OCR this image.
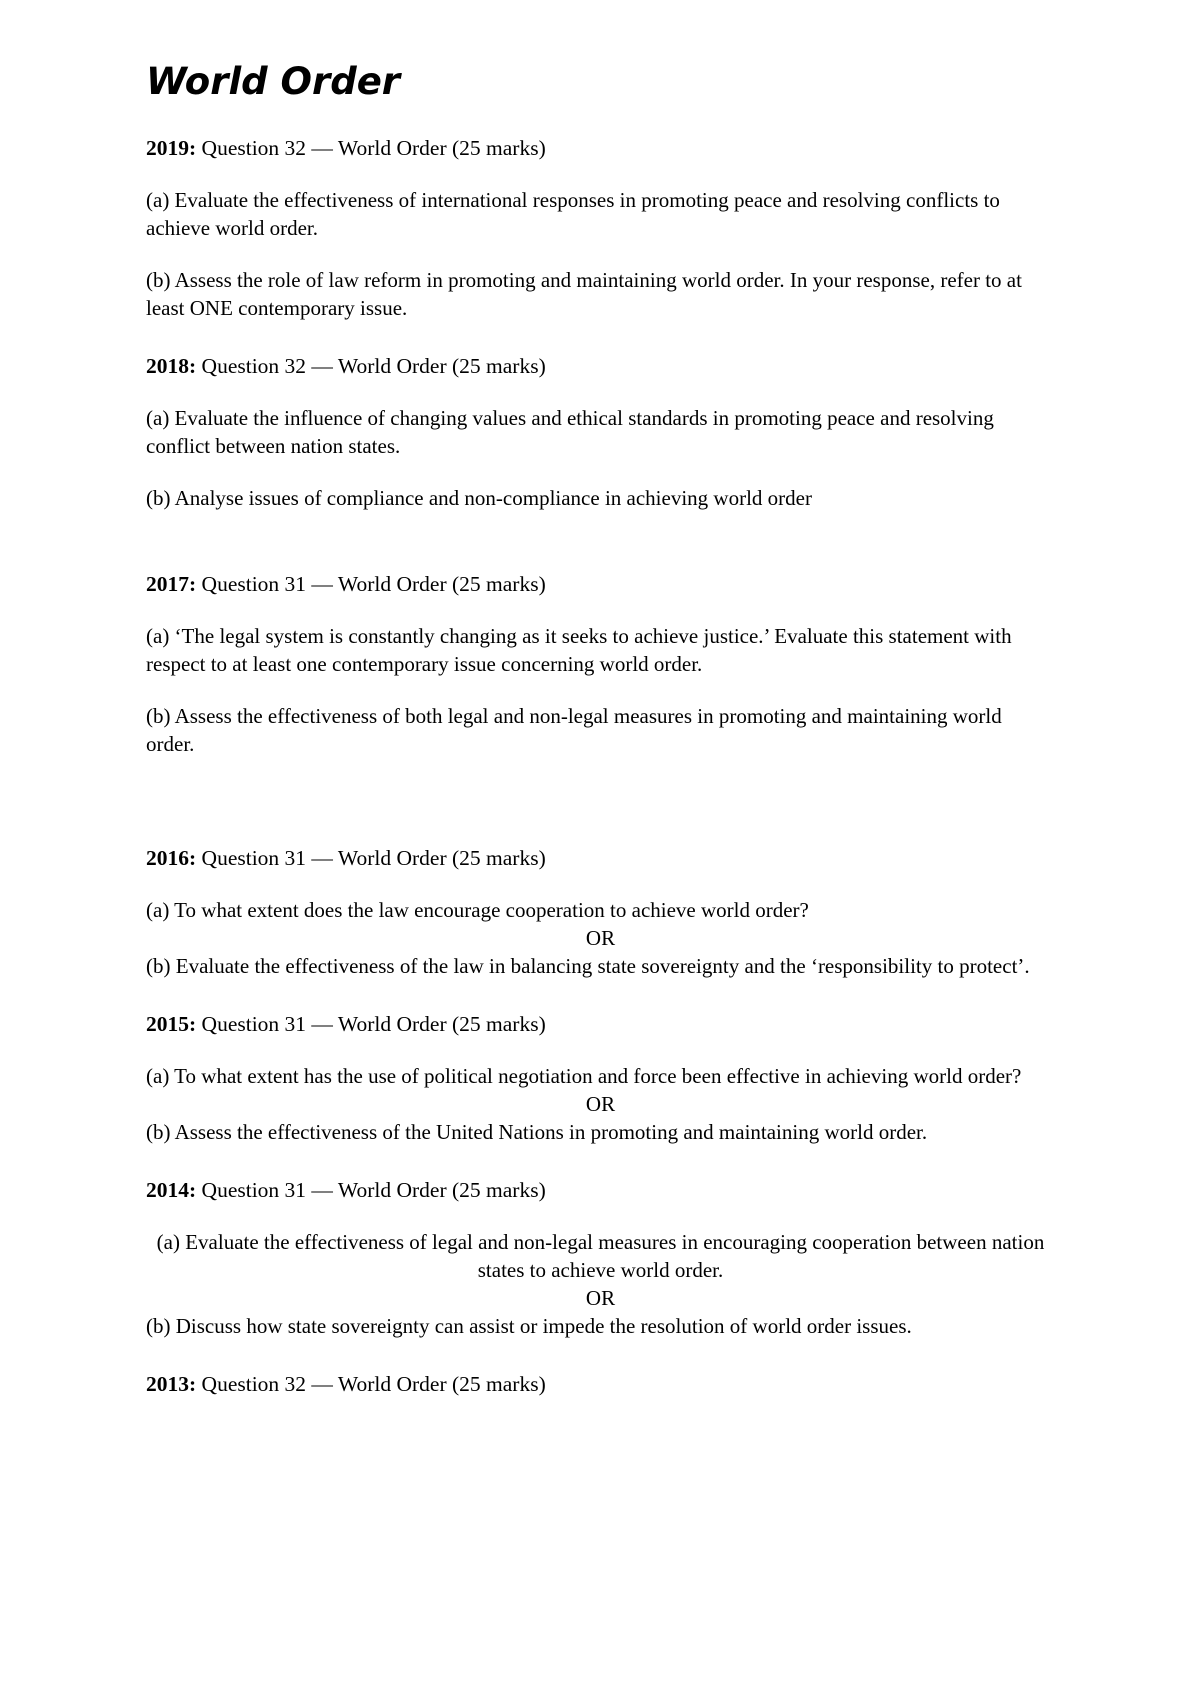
World Order

2019: Question 32 — World Order (25 marks)

(a) Evaluate the effectiveness of international responses in promoting peace and resolving conflicts to achieve world order.

(b) Assess the role of law reform in promoting and maintaining world order. In your response, refer to at least ONE contemporary issue.

2018: Question 32 — World Order (25 marks)

(a) Evaluate the influence of changing values and ethical standards in promoting peace and resolving conflict between nation states.

(b) Analyse issues of compliance and non-compliance in achieving world order

2017: Question 31 — World Order (25 marks)

(a) ‘The legal system is constantly changing as it seeks to achieve justice.’ Evaluate this statement with respect to at least one contemporary issue concerning world order.

(b) Assess the effectiveness of both legal and non-legal measures in promoting and maintaining world order.

2016: Question 31 — World Order (25 marks)

(a) To what extent does the law encourage cooperation to achieve world order?

OR

(b) Evaluate the effectiveness of the law in balancing state sovereignty and the ‘responsibility to protect’.

2015: Question 31 — World Order (25 marks)

(a) To what extent has the use of political negotiation and force been effective in achieving world order?

OR

(b) Assess the effectiveness of the United Nations in promoting and maintaining world order.

2014: Question 31 — World Order (25 marks)

(a) Evaluate the effectiveness of legal and non-legal measures in encouraging cooperation between nation states to achieve world order.

OR

(b) Discuss how state sovereignty can assist or impede the resolution of world order issues.

2013: Question 32 — World Order (25 marks)
